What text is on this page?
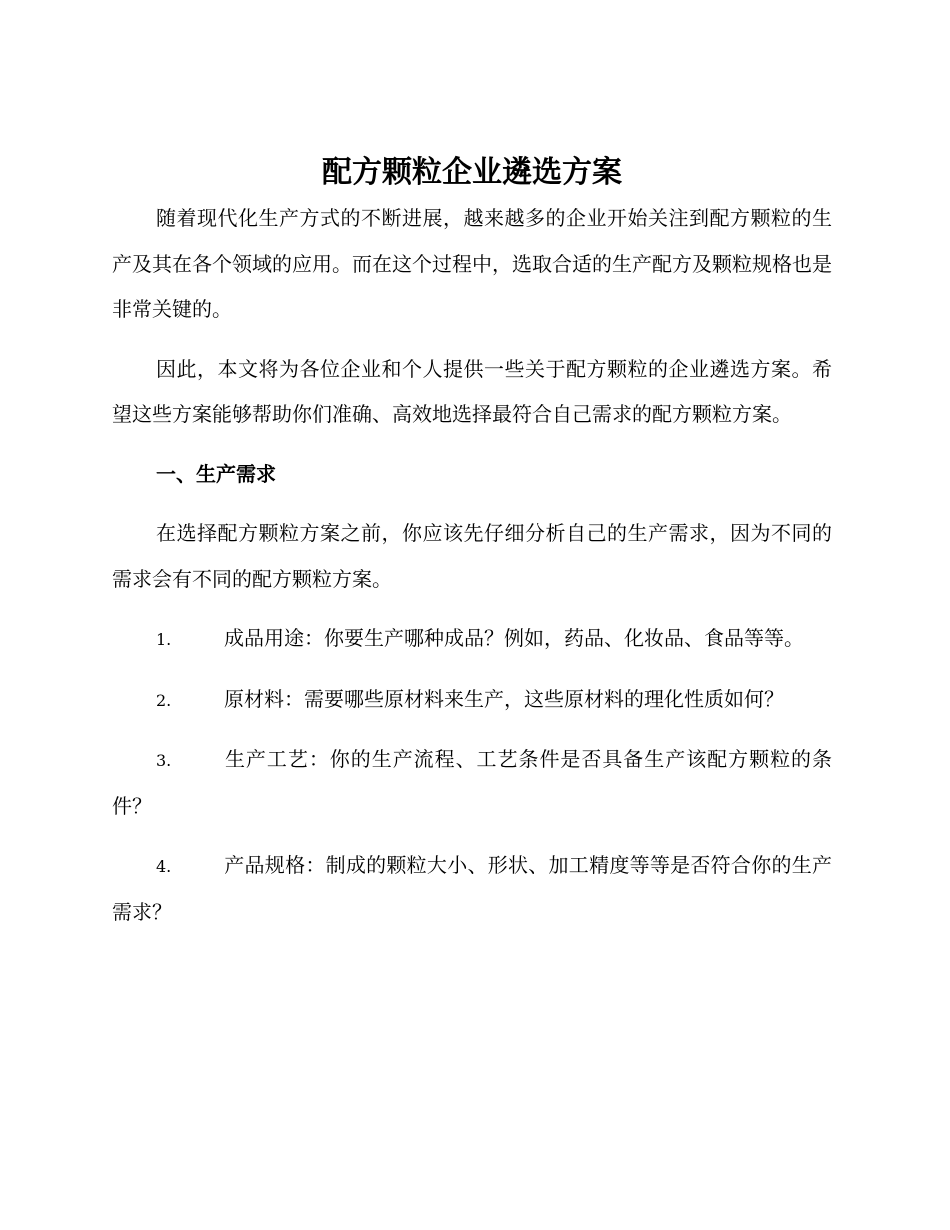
配方颗粒企业遴选方案

随着现代化生产方式的不断进展，越来越多的企业开始关注到配方颗粒的生产及其在各个领域的应用。而在这个过程中，选取合适的生产配方及颗粒规格也是非常关键的。

因此，本文将为各位企业和个人提供一些关于配方颗粒的企业遴选方案。希望这些方案能够帮助你们准确、高效地选择最符合自己需求的配方颗粒方案。

一、生产需求

在选择配方颗粒方案之前，你应该先仔细分析自己的生产需求，因为不同的需求会有不同的配方颗粒方案。

1.	成品用途：你要生产哪种成品？例如，药品、化妆品、食品等等。

2.	原材料：需要哪些原材料来生产，这些原材料的理化性质如何？

3.	生产工艺：你的生产流程、工艺条件是否具备生产该配方颗粒的条件？

4.	产品规格：制成的颗粒大小、形状、加工精度等等是否符合你的生产需求？
